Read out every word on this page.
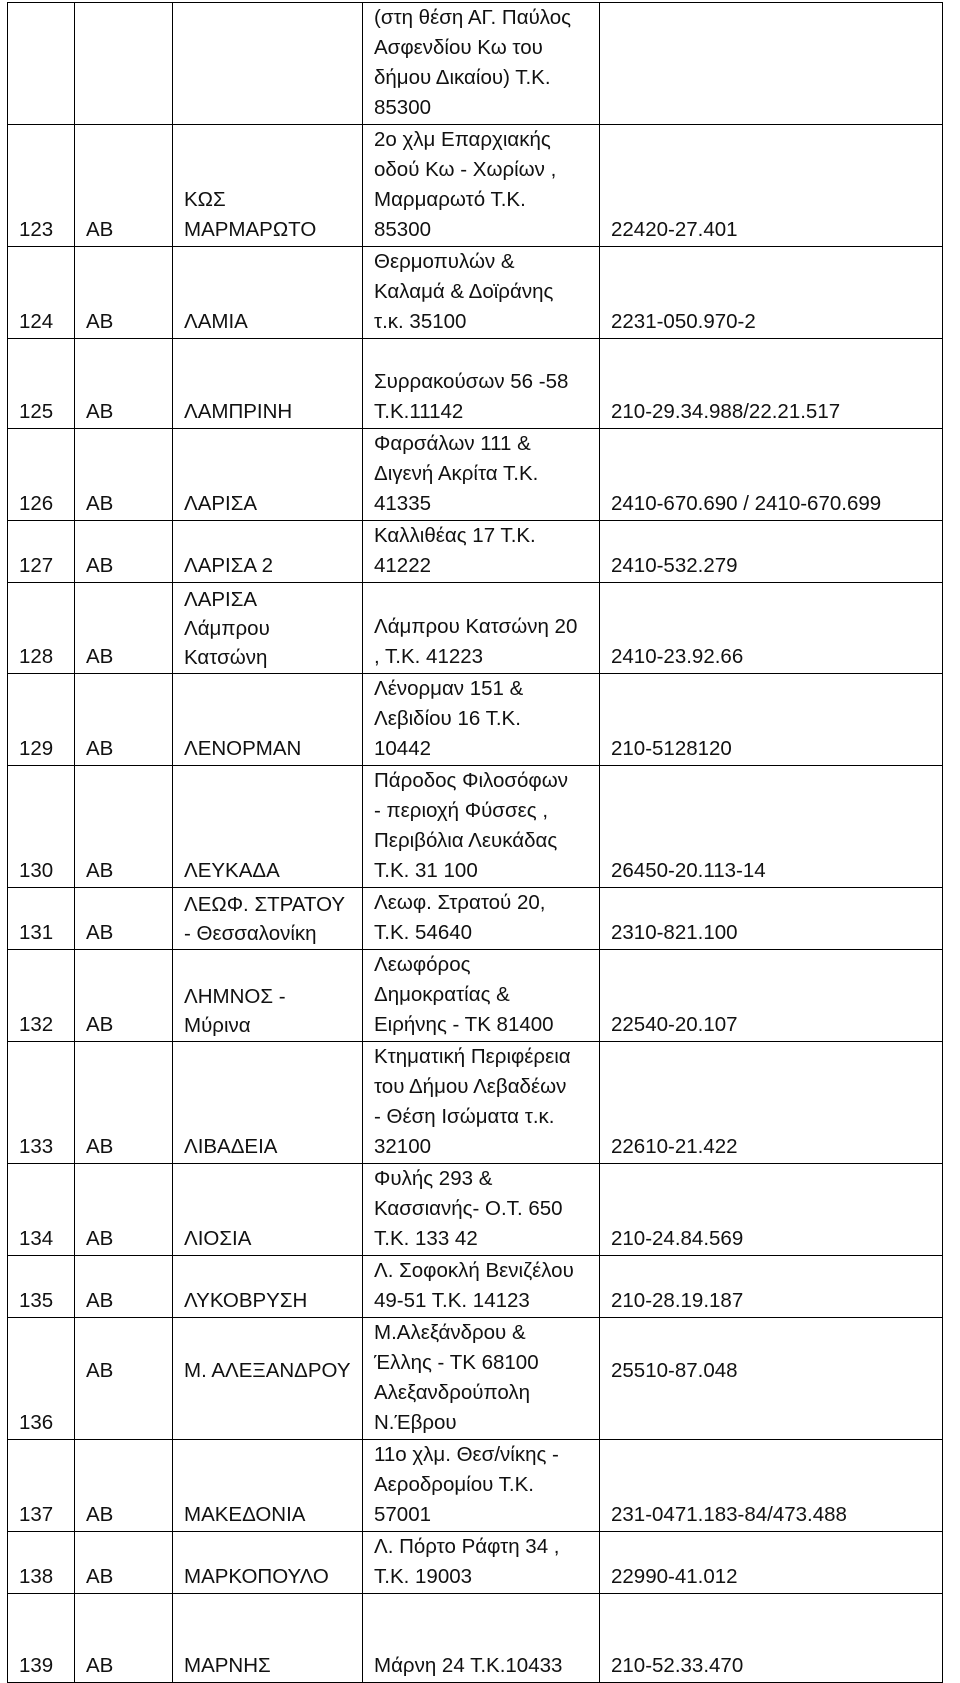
			(στη θέση ΑΓ. Παύλος
Ασφενδίου Κω του
δήμου Δικαίου) Τ.Κ.
85300	
123	ΑΒ	ΚΩΣ
ΜΑΡΜΑΡΩΤΟ	2ο χλμ Επαρχιακής
οδού Κω - Χωρίων ,
Μαρμαρωτό Τ.Κ.
85300	22420-27.401
124	ΑΒ	ΛΑΜΙΑ	Θερμοπυλών &
Καλαμά & Δοϊράνης
τ.κ. 35100	2231-050.970-2
125	ΑΒ	ΛΑΜΠΡΙΝΗ	Συρρακούσων 56 -58
Τ.Κ.11142	210-29.34.988/22.21.517
126	ΑΒ	ΛΑΡΙΣΑ	Φαρσάλων 111 &
Διγενή Ακρίτα Τ.Κ.
41335	2410-670.690 / 2410-670.699
127	ΑΒ	ΛΑΡΙΣΑ 2	Καλλιθέας 17 Τ.Κ.
41222	2410-532.279
128	ΑΒ	ΛΑΡΙΣΑ
Λάμπρου
Κατσώνη	Λάμπρου Κατσώνη 20
, Τ.Κ. 41223	2410-23.92.66
129	ΑΒ	ΛΕΝΟΡΜΑΝ	Λένορμαν 151 &
Λεβιδίου 16 Τ.Κ.
10442	210-5128120
130	ΑΒ	ΛΕΥΚΑΔΑ	Πάροδος Φιλοσόφων
- περιοχή Φύσσες ,
Περιβόλια Λευκάδας
Τ.Κ. 31 100	26450-20.113-14
131	ΑΒ	ΛΕΩΦ. ΣΤΡΑΤΟΥ
- Θεσσαλονίκη	Λεωφ. Στρατού 20,
Τ.Κ. 54640	2310-821.100
132	ΑΒ	ΛΗΜΝΟΣ -
Μύρινα	Λεωφόρος
Δημοκρατίας &
Ειρήνης - ΤΚ 81400	22540-20.107
133	ΑΒ	ΛΙΒΑΔΕΙΑ	Κτηματική Περιφέρεια
του Δήμου Λεβαδέων
- Θέση Ισώματα τ.κ.
32100	22610-21.422
134	ΑΒ	ΛΙΟΣΙΑ	Φυλής 293 &
Κασσιανής- Ο.Τ. 650
Τ.Κ. 133 42	210-24.84.569
135	ΑΒ	ΛΥΚΟΒΡΥΣΗ	Λ. Σοφοκλή Βενιζέλου
49-51 Τ.Κ. 14123	210-28.19.187
136	ΑΒ	Μ. ΑΛΕΞΑΝΔΡΟΥ	Μ.Αλεξάνδρου &
Έλλης - ΤΚ 68100
Αλεξανδρούπολη
Ν.Έβρου	25510-87.048
137	ΑΒ	ΜΑΚΕΔΟΝΙΑ	11ο χλμ. Θεσ/νίκης -
Αεροδρομίου Τ.Κ.
57001	231-0471.183-84/473.488
138	ΑΒ	ΜΑΡΚΟΠΟΥΛΟ	Λ. Πόρτο Ράφτη 34 ,
Τ.Κ. 19003	22990-41.012
139	ΑΒ	ΜΑΡΝΗΣ	Μάρνη 24 Τ.Κ.10433	210-52.33.470
